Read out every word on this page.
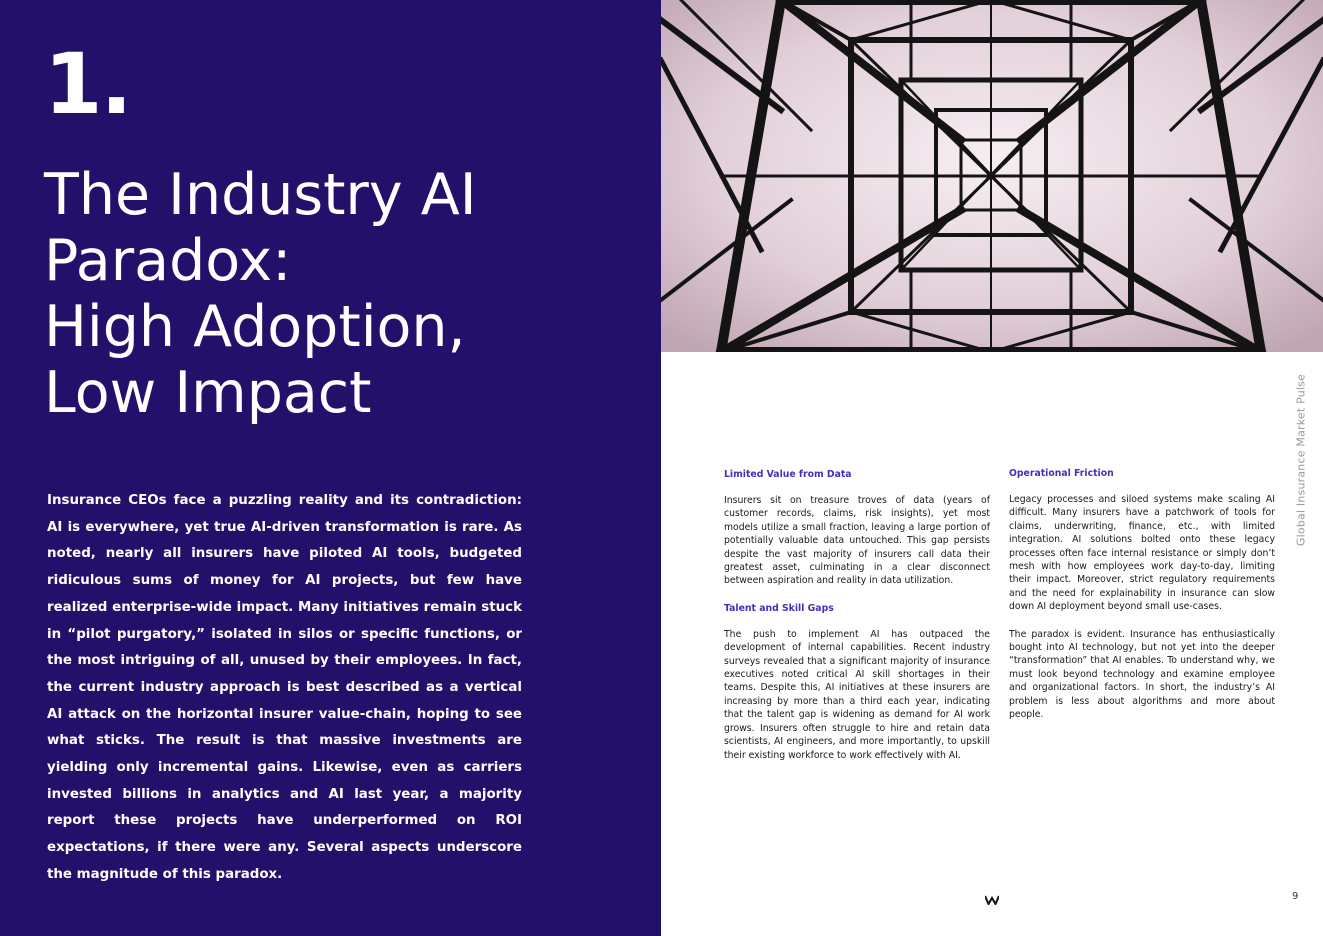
1.
The Industry AI
Paradox:
High Adoption,
Low Impact

Insurance CEOs face a puzzling reality and its contradiction: AI is everywhere, yet true AI-driven transformation is rare. As noted, nearly all insurers have piloted AI tools, budgeted ridiculous sums of money for AI projects, but few have realized enterprise-wide impact. Many initiatives remain stuck in “pilot purgatory,” isolated in silos or specific functions, or the most intriguing of all, unused by their employees. In fact, the current industry approach is best described as a vertical AI attack on the horizontal insurer value-chain, hoping to see what sticks. The result is that massive investments are yielding only incremental gains. Likewise, even as carriers invested billions in analytics and AI last year, a majority report these projects have underperformed on ROI expectations, if there were any. Several aspects underscore the magnitude of this paradox.

Limited Value from Data

Insurers sit on treasure troves of data (years of customer records, claims, risk insights), yet most models utilize a small fraction, leaving a large portion of potentially valuable data untouched. This gap persists despite the vast majority of insurers call data their greatest asset, culminating in a clear disconnect between aspiration and reality in data utilization.

Talent and Skill Gaps

The push to implement AI has outpaced the development of internal capabilities. Recent industry surveys revealed that a significant majority of insurance executives noted critical AI skill shortages in their teams. Despite this, AI initiatives at these insurers are increasing by more than a third each year, indicating that the talent gap is widening as demand for AI work grows. Insurers often struggle to hire and retain data scientists, AI engineers, and more importantly, to upskill their existing workforce to work effectively with AI.

Operational Friction

Legacy processes and siloed systems make scaling AI difficult. Many insurers have a patchwork of tools for claims, underwriting, finance, etc., with limited integration. AI solutions bolted onto these legacy processes often face internal resistance or simply don’t mesh with how employees work day-to-day, limiting their impact. Moreover, strict regulatory requirements and the need for explainability in insurance can slow down AI deployment beyond small use-cases.

The paradox is evident. Insurance has enthusiastically bought into AI technology, but not yet into the deeper “transformation” that AI enables. To understand why, we must look beyond technology and examine employee and organizational factors. In short, the industry’s AI problem is less about algorithms and more about people.

Global Insurance Market Pulse
9
